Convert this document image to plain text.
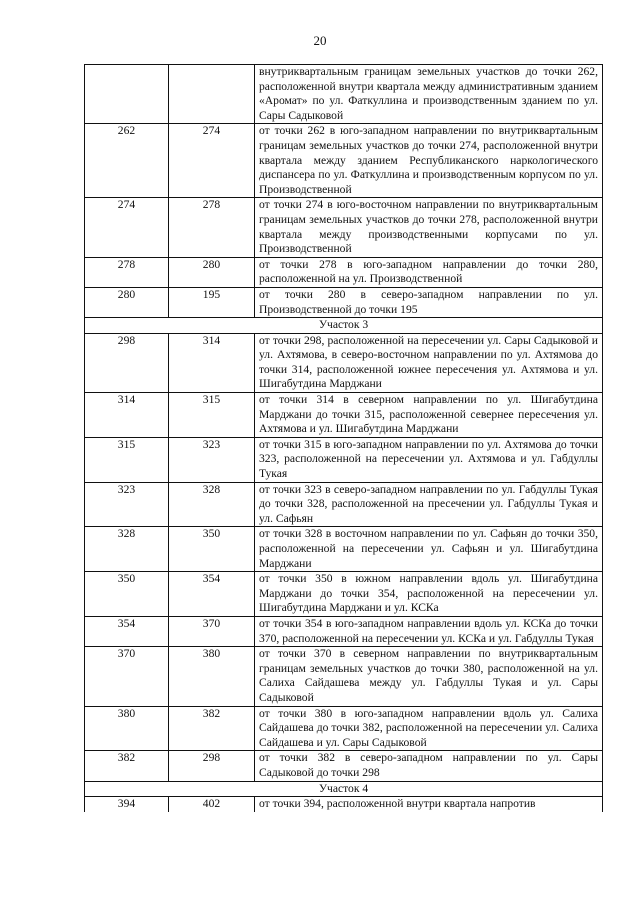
20
		внутриквартальным границам земельных участков до точки 262, расположенной внутри квартала между административным зданием «Аромат» по ул. Фаткуллина и производственным зданием по ул. Сары Садыковой
262	274	от точки 262 в юго-западном направлении по внутриквартальным границам земельных участков до точки 274, расположенной внутри квартала между зданием Республиканского наркологического диспансера по ул. Фаткуллина и производственным корпусом по ул. Производственной
274	278	от точки 274 в юго-восточном направлении по внутриквартальным границам земельных участков до точки 278, расположенной внутри квартала между производственными корпусами по ул. Производственной
278	280	от точки 278 в юго-западном направлении до точки 280, расположенной на ул. Производственной
280	195	от точки 280 в северо-западном направлении по ул. Производственной до точки 195
Участок 3		
298	314	от точки 298, расположенной на пересечении ул. Сары Садыковой и ул. Ахтямова, в северо-восточном направлении по ул. Ахтямова до точки 314, расположенной южнее пересечения ул. Ахтямова и ул. Шигабутдина Марджани
314	315	от точки 314 в северном направлении по ул. Шигабутдина Марджани до точки 315, расположенной севернее пересечения ул. Ахтямова и ул. Шигабутдина Марджани
315	323	от точки 315 в юго-западном направлении по ул. Ахтямова до точки 323, расположенной на пересечении ул. Ахтямова и ул. Габдуллы Тукая
323	328	от точки 323 в северо-западном направлении по ул. Габдуллы Тукая до точки 328, расположенной на пресечении ул. Габдуллы Тукая и ул. Сафьян
328	350	от точки 328 в восточном направлении по ул. Сафьян до точки 350, расположенной на пересечении ул. Сафьян и ул. Шигабутдина Марджани
350	354	от точки 350 в южном направлении вдоль ул. Шигабутдина Марджани до точки 354, расположенной на пересечении ул. Шигабутдина Марджани и ул. КСКа
354	370	от точки 354 в юго-западном направлении вдоль ул. КСКа до точки 370, расположенной на пересечении ул. КСКа и ул. Габдуллы Тукая
370	380	от точки 370 в северном направлении по внутриквартальным границам земельных участков до точки 380, расположенной на ул. Салиха Сайдашева между ул. Габдуллы Тукая и ул. Сары Садыковой
380	382	от точки 380 в юго-западном направлении вдоль ул. Салиха Сайдашева до точки 382, расположенной на пересечении ул. Салиха Сайдашева и ул. Сары Садыковой
382	298	от точки 382 в северо-западном направлении по ул. Сары Садыковой до точки 298
Участок 4		
394	402	от точки 394, расположенной внутри квартала напротив
